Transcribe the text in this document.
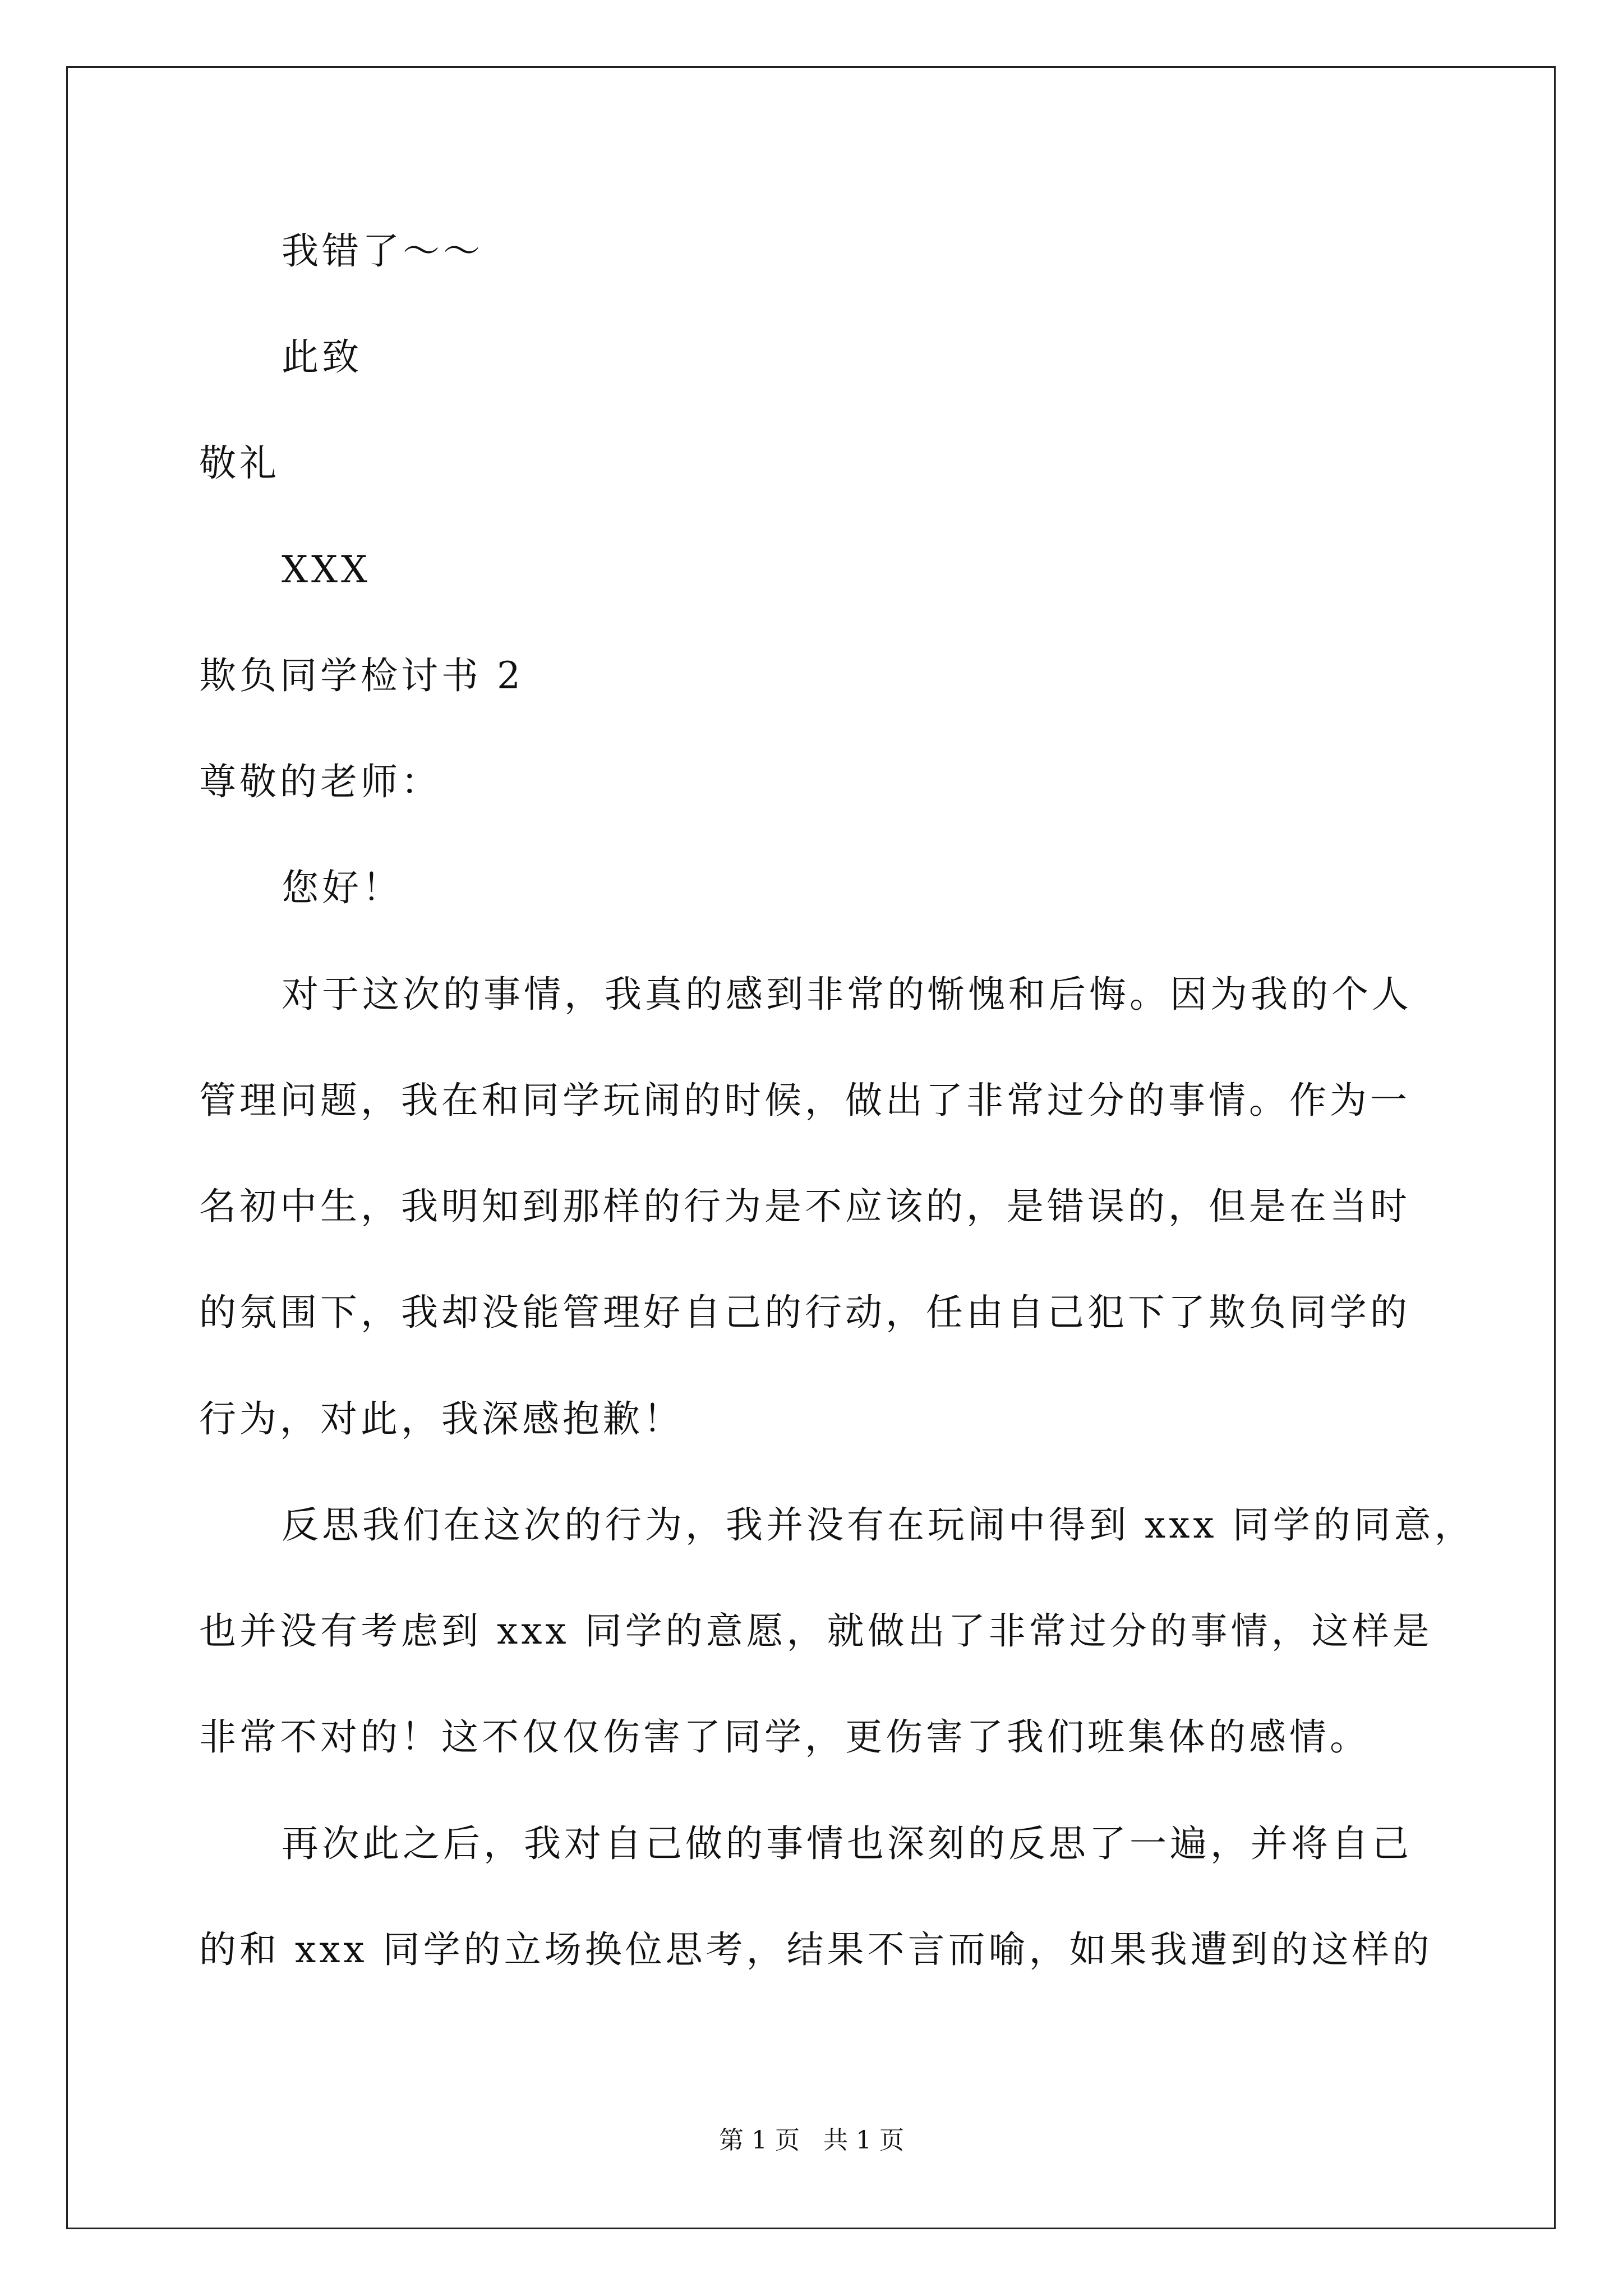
我错了～～
此致
敬礼
XXX
欺负同学检讨书 2
尊敬的老师：
您好！
对于这次的事情，我真的感到非常的惭愧和后悔。因为我的个人
管理问题，我在和同学玩闹的时候，做出了非常过分的事情。作为一
名初中生，我明知到那样的行为是不应该的，是错误的，但是在当时
的氛围下，我却没能管理好自己的行动，任由自己犯下了欺负同学的
行为，对此，我深感抱歉！
反思我们在这次的行为，我并没有在玩闹中得到 xxx 同学的同意，
也并没有考虑到 xxx 同学的意愿，就做出了非常过分的事情，这样是
非常不对的！这不仅仅伤害了同学，更伤害了我们班集体的感情。
再次此之后，我对自己做的事情也深刻的反思了一遍，并将自己
的和 xxx 同学的立场换位思考，结果不言而喻，如果我遭到的这样的
第 1 页   共 1 页
